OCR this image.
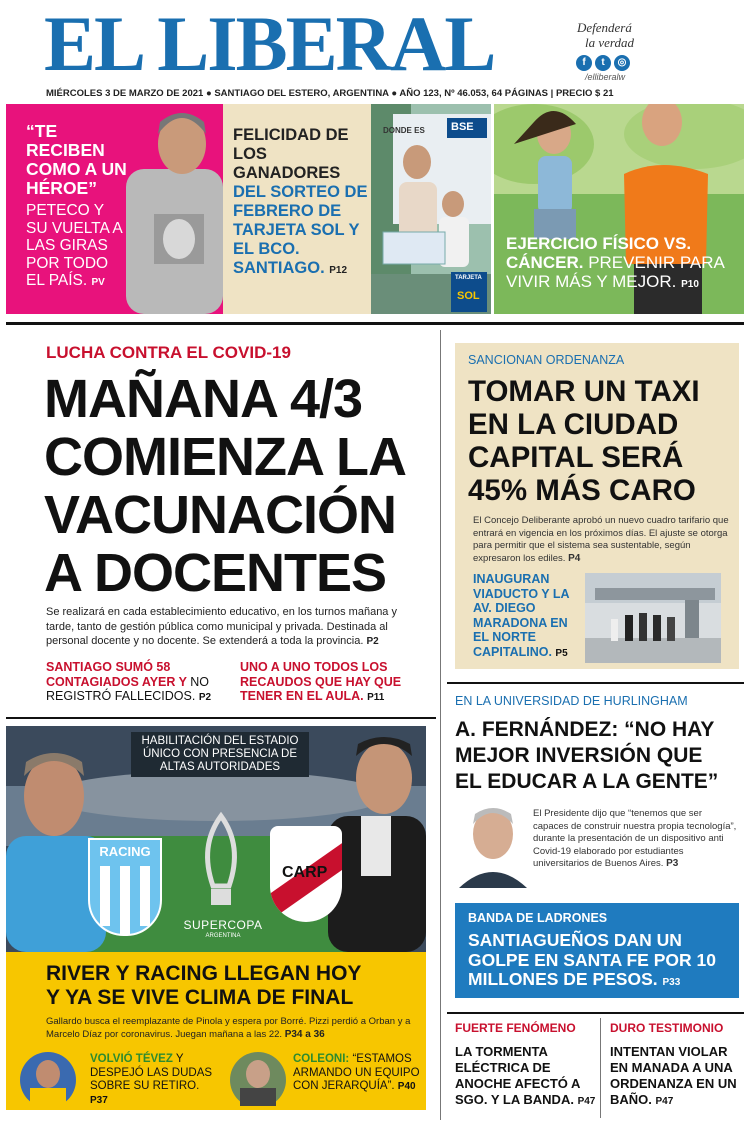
EL LIBERAL
MIÉRCOLES 3 DE MARZO DE 2021 ● SANTIAGO DEL ESTERO, ARGENTINA ● AÑO 123, Nº 46.053, 64 PÁGINAS | PRECIO $ 21
Defenderá
la verdad
f t ◎
/elliberalw
“TE RECIBEN COMO A UN HÉROE”
PETECO Y SU VUELTA A LAS GIRAS POR TODO EL PAÍS. PV
FELICIDAD DE LOS GANADORES DEL SORTEO DE FEBRERO DE TARJETA SOL Y EL BCO. SANTIAGO. P12
DONDE ES BSE
TARJETA
SOL
EJERCICIO FÍSICO VS. CÁNCER. PREVENIR PARA VIVIR MÁS Y MEJOR. P10
LUCHA CONTRA EL COVID-19
MAÑANA 4/3
COMIENZA LA
VACUNACIÓN
A DOCENTES
Se realizará en cada establecimiento educativo, en los turnos mañana y tarde, tanto de gestión pública como municipal y privada. Destinada al personal docente y no docente. Se extenderá a toda la provincia. P2
SANTIAGO SUMÓ 58 CONTAGIADOS AYER Y NO REGISTRÓ FALLECIDOS. P2
UNO A UNO TODOS LOS RECAUDOS QUE HAY QUE TENER EN EL AULA. P11
SANCIONAN ORDENANZA
TOMAR UN TAXI
EN LA CIUDAD
CAPITAL SERÁ
45% MÁS CARO
El Concejo Deliberante aprobó un nuevo cuadro tarifario que entrará en vigencia en los próximos días. El ajuste se otorga para permitir que el sistema sea sustentable, según expresaron los ediles. P4
INAUGURAN VIADUCTO Y LA AV. DIEGO MARADONA EN EL NORTE CAPITALINO. P5
RACING
SUPERCOPA
ARGENTINA
CARP
HABILITACIÓN DEL ESTADIO ÚNICO CON PRESENCIA DE ALTAS AUTORIDADES
RIVER Y RACING LLEGAN HOY
Y YA SE VIVE CLIMA DE FINAL
Gallardo busca el reemplazante de Pinola y espera por Borré. Pizzi perdió a Orban y a Marcelo Díaz por coronavirus. Juegan mañana a las 22. P34 a 36
VOLVIÓ TÉVEZ Y DESPEJÓ LAS DUDAS SOBRE SU RETIRO. P37
COLEONI: “ESTAMOS ARMANDO UN EQUIPO CON JERARQUÍA”. P40
EN LA UNIVERSIDAD DE HURLINGHAM
A. FERNÁNDEZ: “NO HAY
MEJOR INVERSIÓN QUE
EL EDUCAR A LA GENTE”
El Presidente dijo que “tenemos que ser capaces de construir nuestra propia tecnología”, durante la presentación de un dispositivo anti Covid-19 elaborado por estudiantes universitarios de Buenos Aires. P3
BANDA DE LADRONES
SANTIAGUEÑOS DAN UN GOLPE EN SANTA FE POR 10 MILLONES DE PESOS. P33
FUERTE FENÓMENO
LA TORMENTA ELÉCTRICA DE ANOCHE AFECTÓ A SGO. Y LA BANDA. P47
DURO TESTIMONIO
INTENTAN VIOLAR EN MANADA A UNA ORDENANZA EN UN BAÑO. P47
